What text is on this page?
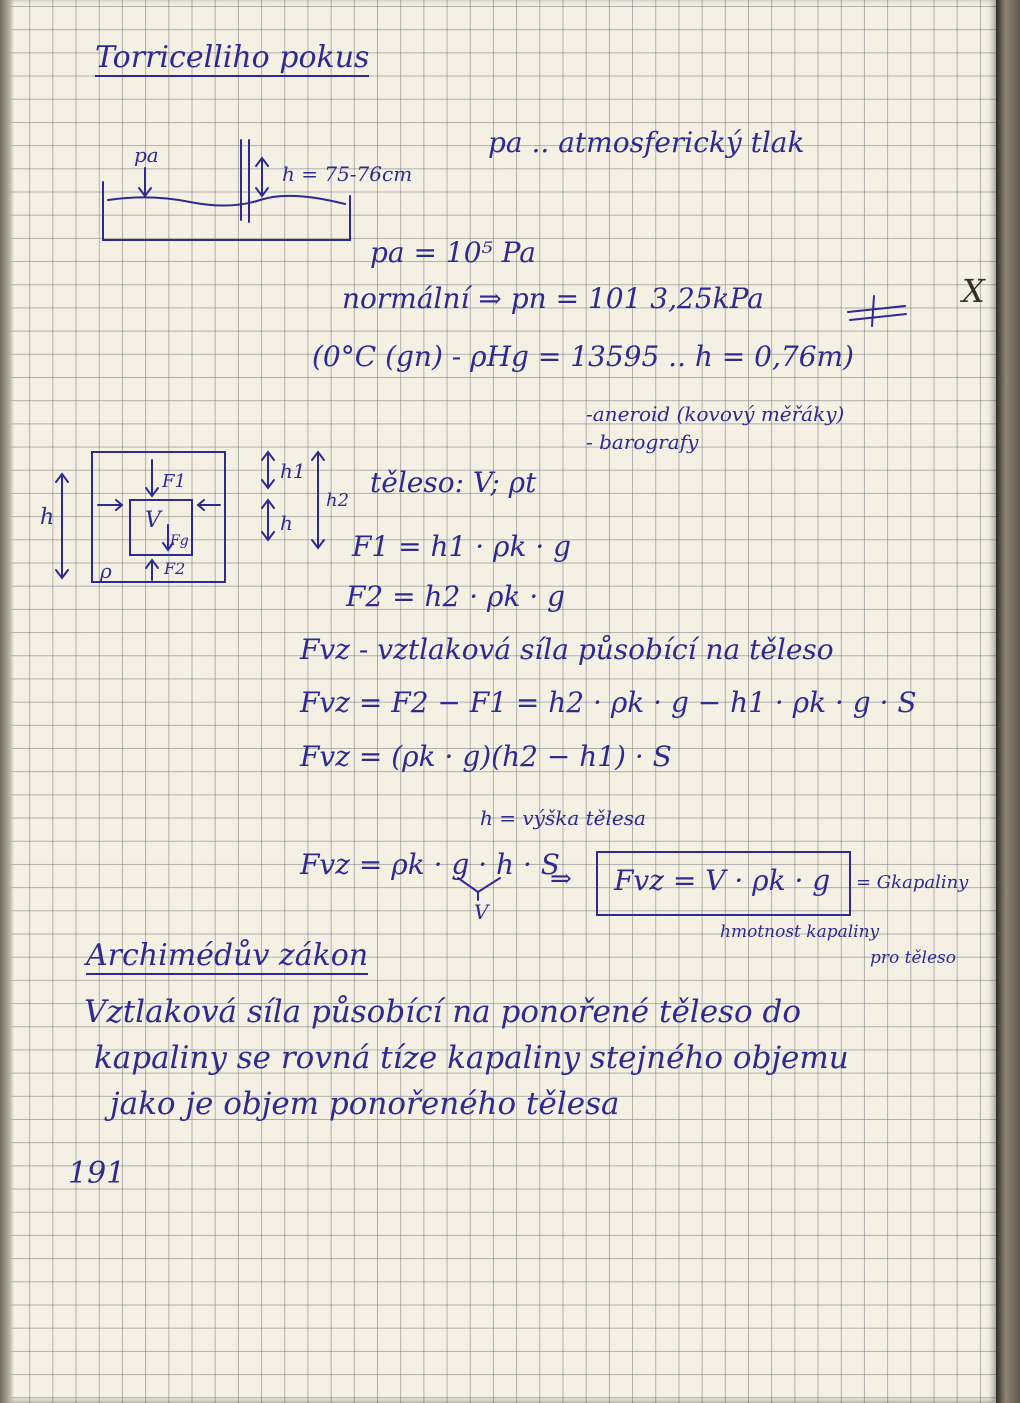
pa
h	V
F1
F2
Fg
ρ
h1
h
h2
Torricelliho pokus
pa .. atmosferický tlak
h = 75-76cm
pa = 10⁵ Pa
normální ⇒ pn = 101 3,25kPa
(0°C (gn) - ρHg = 13595 .. h = 0,76m)
-aneroid (kovový měřáky)
- barografy
těleso: V; ρt
F1 = h1 · ρk · g
F2 = h2 · ρk · g
Fvz - vztlaková síla působící na těleso
Fvz = F2 − F1 = h2 · ρk · g − h1 · ρk · g · S
Fvz = (ρk · g)(h2 − h1) · S
h = výška tělesa
Fvz = ρk · g · h · S
V
⇒ Fvz = V · ρk · g = Gkapaliny
hmotnost kapaliny
pro těleso
Archimédův zákon
Vztlaková síla působící na ponořené těleso do
kapaliny se rovná tíze kapaliny stejného objemu
jako je objem ponořeného tělesa
191
X
